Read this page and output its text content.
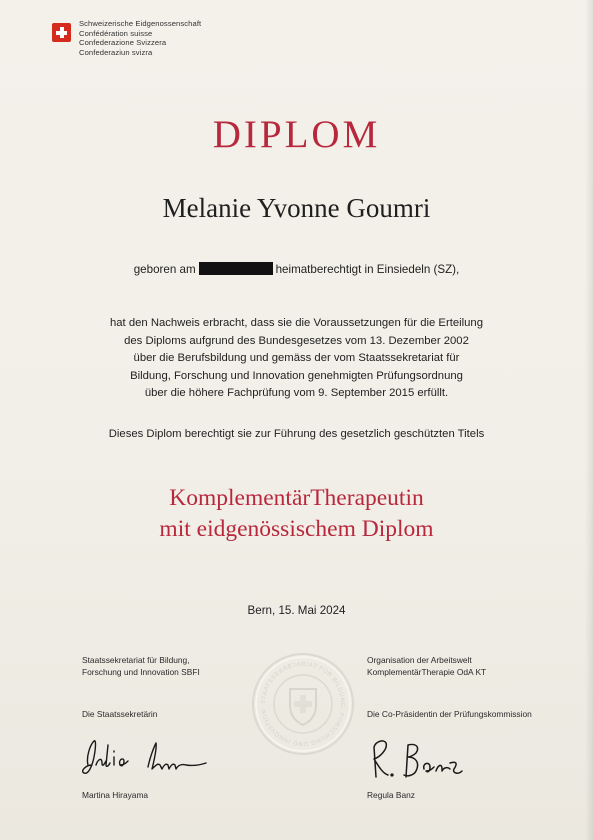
Schweizerische Eidgenossenschaft
Confédération suisse
Confederazione Svizzera
Confederaziun svizra
DIPLOM
Melanie Yvonne Goumri
geboren am	heimatberechtigt in Einsiedeln (SZ),
hat den Nachweis erbracht, dass sie die Voraussetzungen für die Erteilung
des Diploms aufgrund des Bundesgesetzes vom 13. Dezember 2002
über die Berufsbildung und gemäss der vom Staatssekretariat für
Bildung, Forschung und Innovation genehmigten Prüfungsordnung
über die höhere Fachprüfung vom 9. September 2015 erfüllt.
Dieses Diplom berechtigt sie zur Führung des gesetzlich geschützten Titels
KomplementärTherapeutin
mit eidgenössischem Diplom
Bern, 15. Mai 2024
Staatssekretariat für Bildung,
Forschung und Innovation SBFI
Organisation der Arbeitswelt
KomplementärTherapie OdA KT
Die Staatssekretärin	Die Co-Präsidentin der Prüfungskommission
STAATSSEKRETARIAT FÜR BILDUNG, FORSCHUNG UND INNOVATION
Martina Hirayama	Regula Banz
